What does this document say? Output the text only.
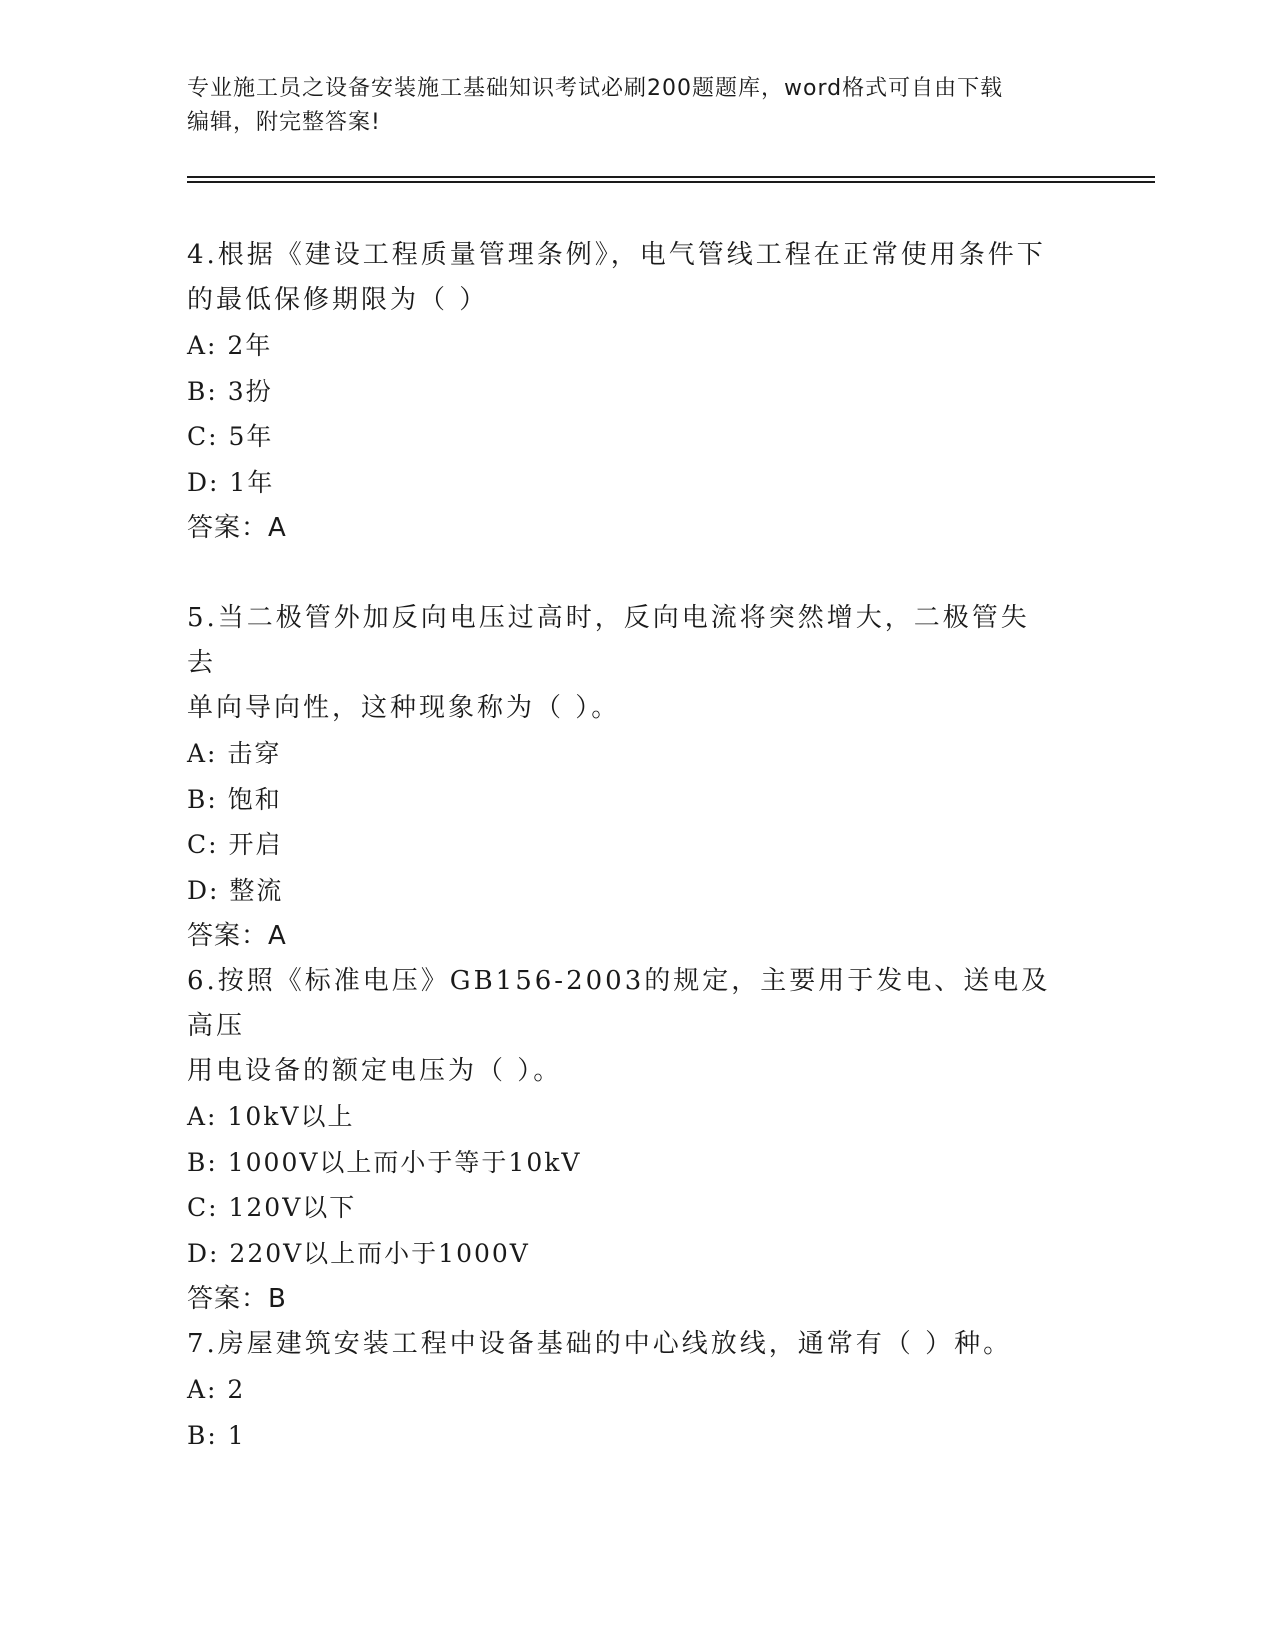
专业施工员之设备安装施工基础知识考试必刷200题题库，word格式可自由下载
编辑，附完整答案!
4.根据《建设工程质量管理条例》，电气管线工程在正常使用条件下
的最低保修期限为（ ）
A: 2年
B: 3扮
C: 5年
D: 1年
答案：A
5.当二极管外加反向电压过高时，反向电流将突然增大，二极管失去
单向导向性，这种现象称为（ ）。
A: 击穿
B: 饱和
C: 开启
D: 整流
答案：A
6.按照《标准电压》GB156-2003的规定，主要用于发电、送电及高压
用电设备的额定电压为（ ）。
A: 10kV以上
B: 1000V以上而小于等于10kV
C: 120V以下
D: 220V以上而小于1000V
答案：B
7.房屋建筑安装工程中设备基础的中心线放线，通常有（ ）种。
A: 2
B: 1
